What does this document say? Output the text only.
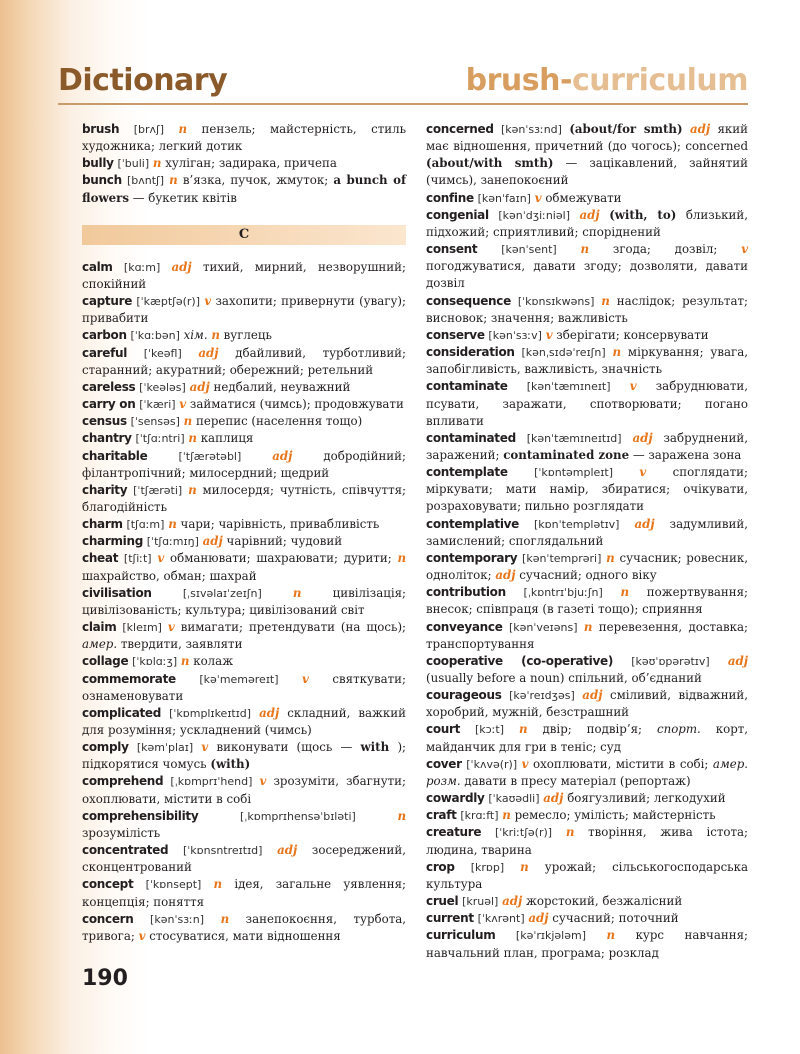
Dictionary	brush-curriculum

brush [brʌʃ] n пензель; майстерність, стиль художника; легкий дотик

bully [ˈbuli] n хуліган; задирака, причепа

bunch [bʌntʃ] n в’язка, пучок, жмуток; a bunch of flowers — букетик квітів

C

calm [kɑːm] adj тихий, мирний, незворушний; спокійний

capture [ˈkæptʃə(r)] v захопити; привернути (увагу); привабити

carbon [ˈkɑːbən] хім. n вуглець

careful [ˈkeəfl] adj дбайливий, турботливий; старанний; акуратний; обережний; ретельний

careless [ˈkeələs] adj недбалий, неуважний

carry on [ˈkæri] v займатися (чимсь); продовжувати

census [ˈsensəs] n перепис (населення тощо)

chantry [ˈtʃɑːntri] n каплиця

charitable	[ˈtʃærətəbl]	adj	добродійний; філантропічний; милосердний; щедрий

charity [ˈtʃærəti] n милосердя; чутність, співчуття; благодійність

charm [tʃɑːm] n чари; чарівність, привабливість

charming [ˈtʃɑːmɪŋ] adj чарівний; чудовий

cheat [tʃiːt] v обманювати; шахраювати; дурити; n шахрайство, обман; шахрай

civilisation	[ˌsɪvəlaɪˈzeɪʃn]	n	цивілізація; цивілізованість; культура; цивілізований світ

claim [kleɪm] v вимагати; претендувати (на щось); амер. твердити, заявляти

collage [ˈkɒlɑːʒ] n колаж

commemorate [kəˈmeməreɪt] v святкувати; ознаменовувати

complicated [ˈkɒmplɪkeɪtɪd] adj складний, важкий для розуміння; ускладнений (чимсь)

comply [kəmˈplaɪ] v виконувати (щось — with ); підкорятися чомусь (with)

comprehend [ˌkɒmprɪˈhend] v зрозуміти, збагнути; охоплювати, містити в собі

comprehensibility	[ˌkɒmprɪhensəˈbɪləti]	n зрозумілість

concentrated [ˈkɒnsntreɪtɪd] adj зосереджений, сконцентрований

concept [ˈkɒnsept] n ідея, загальне уявлення; концепція; поняття

concern [kənˈsɜːn] n занепокоєння, турбота, тривога; v стосуватися, мати відношення

concerned [kənˈsɜːnd] (about/for smth) adj який має відношення, причетний (до чогось); concerned (about/with smth) — зацікавлений, зайнятий (чимсь), занепокоєний

confine [kənˈfaɪn] v обмежувати

congenial [kənˈdʒiːniəl] adj (with, to) близький, підхожий; сприятливий; споріднений

consent [kənˈsent] n згода; дозвіл; v погоджуватися, давати згоду; дозволяти, давати дозвіл

consequence [ˈkɒnsɪkwəns] n наслідок; результат; висновок; значення; важливість

conserve [kənˈsɜːv] v зберігати; консервувати

consideration [kənˌsɪdəˈreɪʃn] n міркування; увага, запобігливість, важливість, значність

contaminate [kənˈtæmɪneɪt] v забруднювати, псувати, заражати, спотворювати; погано впливати

contaminated [kənˈtæmɪneɪtɪd] adj забруднений, заражений; contaminated zone — заражена зона

contemplate [ˈkɒntəmpleɪt] v споглядати; міркувати; мати намір, збиратися; очікувати, розраховувати; пильно розглядати

contemplative [kɒnˈtemplətɪv] adj задумливий, замислений; споглядальний

contemporary [kənˈtemprəri] n сучасник; ровесник, одноліток; adj сучасний; одного віку

contribution [ˌkɒntrɪˈbjuːʃn] n пожертвування; внесок; співпраця (в газеті тощо); сприяння

conveyance [kənˈveɪəns] n перевезення, доставка; транспортування

cooperative (co-operative) [kəʊˈɒpərətɪv] adj (usually before a noun) спільний, об’єднаний

courageous [kəˈreɪdʒəs] adj сміливий, відважний, хоробрий, мужній, безстрашний

court [kɔːt] n двір; подвір’я; спорт. корт, майданчик для гри в теніс; суд

cover [ˈkʌvə(r)] v охоплювати, містити в собі; амер. розм. давати в пресу матеріал (репортаж)

cowardly [ˈkaʊədli] adj боягузливий; легкодухий

craft [krɑːft] n ремесло; умілість; майстерність

creature [ˈkriːtʃə(r)] n творіння, жива істота; людина, тварина

crop [krɒp] n урожай; сільськогосподарська культура

cruel [kruəl] adj жорстокий, безжалісний

current [ˈkʌrənt] adj сучасний; поточний

curriculum [kəˈrɪkjələm] n курс навчання; навчальний план, програма; розклад

190
